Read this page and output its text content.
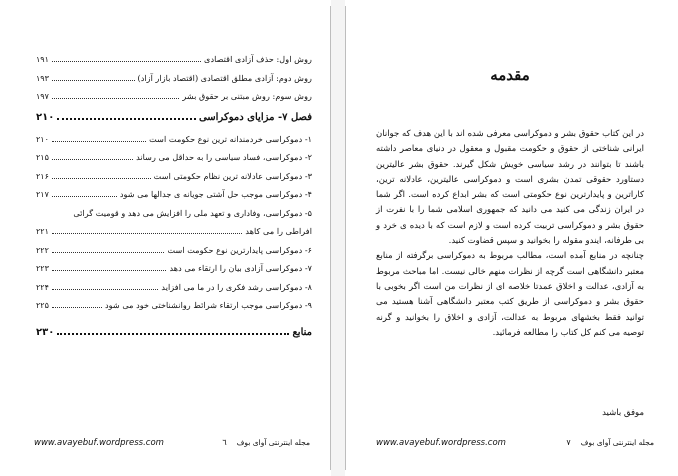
روش اول: حذف آزادی اقتصادی
۱۹۱
روش دوم: آزادی مطلق اقتصادی (اقتصاد بازار آزاد)
۱۹۳
روش سوم: روش مبتنی بر حقوق بشر
۱۹۷
فصل ۷- مزایای دموکراسی
۲۱۰
۱- دموکراسی خردمندانه ترین نوع حکومت است
۲۱۰
۲- دموکراسی، فساد سیاسی را به حداقل می رساند
۲۱۵
۳- دموکراسی عادلانه ترین نظام حکومتی است
۲۱۶
۴- دموکراسی موجب حل آشتی جویانه ی جدالها می شود
۲۱۷
۵- دموکراسی، وفاداری و تعهد ملی را افزایش می دهد و قومیت گرائی
افراطی را می کاهد
۲۲۱
۶- دموکراسی پایدارترین نوع حکومت است
۲۲۲
۷- دموکراسی آزادی بیان را ارتقاء می دهد
۲۲۳
۸- دموکراسی رشد فکری را در ما می افزاید
۲۲۴
۹- دموکراسی موجب ارتقاء شرائط روانشناختی خود می شود
۲۲۵
منابع
۲۳۰
www.avayebuf.wordpress.com	٦ مجله اینترنتی آوای بوف
مقدمه

در این کتاب حقوق بشر و دموکراسی معرفی شده اند با این هدف که جوانان ایرانی شناختی از حقوق و حکومت مقبول و معقول در دنیای معاصر داشته باشند تا بتوانند در رشد سیاسی خویش شکل گیرند. حقوق بشر عالیترین دستاورد حقوقی تمدن بشری است و دموکراسی عالیترین، عادلانه ترین، کاراترین و پایدارترین نوع حکومتی است که بشر ابداع کرده است. اگر شما در ایران زندگی می کنید می دانید که جمهوری اسلامی شما را با نفرت از حقوق بشر و دموکراسی تربیت کرده است و لازم است که با دیده ی خرد و بی طرفانه، ایندو مقوله را بخوانید و سپس قضاوت کنید.

چنانچه در منابع آمده است، مطالب مربوط به دموکراسی برگرفته از منابع معتبر دانشگاهی است گرچه از نظرات منهم خالی نیست. اما مباحث مربوط به آزادی، عدالت و اخلاق عمدتا خلاصه ای از نظرات من است اگر بخوبی با حقوق بشر و دموکراسی از طریق کتب معتبر دانشگاهی آشنا هستید می توانید فقط بخشهای مربوط به عدالت، آزادی و اخلاق را بخوانید و گرنه توصیه می کنم کل کتاب را مطالعه فرمائید.

موفق باشید
www.avayebuf.wordpress.com	۷ مجله اینترنتی آوای بوف
